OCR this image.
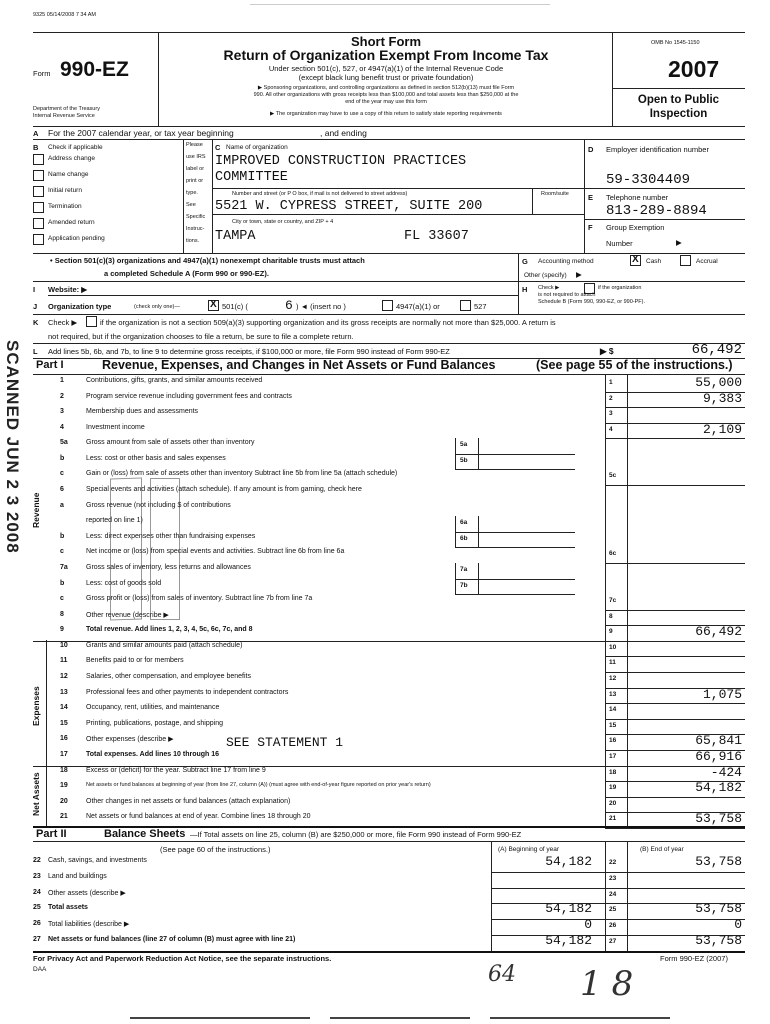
9325 05/14/2008 7 34 AM
Form 990-EZ
Department of the Treasury
Internal Revenue Service
Short Form
Return of Organization Exempt From Income Tax
Under section 501(c), 527, or 4947(a)(1) of the Internal Revenue Code
(except black lung benefit trust or private foundation)
▶ Sponsoring organizations, and controlling organizations as defined in section 512(b)(13) must file Form
990. All other organizations with gross receipts less than $100,000 and total assets less than $250,000 at the
end of the year may use this form
▶ The organization may have to use a copy of this return to satisfy state reporting requirements
OMB No 1545-1150
2007
Open to Public
Inspection
A For the 2007 calendar year, or tax year beginning	, and ending
B Check if applicable
Address change
Name change
Initial return
Termination
Amended return
Application pending
Please
use IRS
label or
print or
type.
See
Specific
Instruc-
tions.
C Name of organization
IMPROVED CONSTRUCTION PRACTICES
COMMITTEE
Number and street (or P O box, if mail is not delivered to street address)	Room/suite
5521 W. CYPRESS STREET, SUITE 200
City or town, state or country, and ZIP + 4
TAMPA	FL 33607
D Employer identification number
59-3304409
E Telephone number
813-289-8894
F Group Exemption
Number	▶
• Section 501(c)(3) organizations and 4947(a)(1) nonexempt charitable trusts must attach
a completed Schedule A (Form 990 or 990-EZ).
G Accounting method	X Cash	Accrual
Other (specify) ▶
I Website: ▶	H Check ▶	if the organization
is not required to attach
Schedule B (Form 990, 990-EZ, or 990-PF).
J Organization type	(check only one)—	X 501(c) (	6 ) ◄ (insert no )	4947(a)(1) or	527
K Check ▶	if the organization is not a section 509(a)(3) supporting organization and its gross receipts are normally not more than $25,000. A return is
not required, but if the organization chooses to file a return, be sure to file a complete return.
L Add lines 5b, 6b, and 7b, to line 9 to determine gross receipts, if $100,000 or more, file Form 990 instead of Form 990-EZ	▶ $	66,492
Part I	Revenue, Expenses, and Changes in Net Assets or Fund Balances	(See page 55 of the instructions.)
1	Contributions, gifts, grants, and similar amounts received	1	55,000
2	Program service revenue including government fees and contracts	2	9,383
3	Membership dues and assessments	3
4	Investment income	4	2,109
5a	Gross amount from sale of assets other than inventory	5a
b	Less: cost or other basis and sales expenses	5b
c	Gain or (loss) from sale of assets other than inventory Subtract line 5b from line 5a (attach schedule)	5c
6	Special events and activities (attach schedule). If any amount is from gaming, check here
a	Gross revenue (not including $ of contributions
reported on line 1)	6a
b	Less: direct expenses other than fundraising expenses	6b
c	Net income or (loss) from special events and activities. Subtract line 6b from line 6a	6c
7a	Gross sales of inventory, less returns and allowances	7a
b	Less: cost of goods sold	7b
c	Gross profit or (loss) from sales of inventory. Subtract line 7b from line 7a	7c
8	Other revenue (describe ▶	8
9	Total revenue. Add lines 1, 2, 3, 4, 5c, 6c, 7c, and 8	9	66,492
10	Grants and similar amounts paid (attach schedule)	10
11	Benefits paid to or for members	11
12	Salaries, other compensation, and employee benefits	12
13	Professional fees and other payments to independent contractors	13	1,075
14	Occupancy, rent, utilities, and maintenance	14
15	Printing, publications, postage, and shipping	15
16	Other expenses (describe ▶	16	65,841
17	Total expenses. Add lines 10 through 16	17	66,916
18	Excess or (deficit) for the year. Subtract line 17 from line 9	18	-424
19	Net assets or fund balances at beginning of year (from line 27, column (A)) (must agree with end-of-year figure reported on prior year's return)	19	54,182
20	Other changes in net assets or fund balances (attach explanation)	20
21	Net assets or fund balances at end of year. Combine lines 18 through 20	21	53,758
SEE STATEMENT 1
Revenue
Expenses
Net Assets
SCANNED JUN 2 3 2008
Part II	Balance Sheets —If Total assets on line 25, column (B) are $250,000 or more, file Form 990 instead of Form 990-EZ
(See page 60 of the instructions.)	(A) Beginning of year	(B) End of year
22 Cash, savings, and investments	54,182	22	53,758
23 Land and buildings	23
24 Other assets (describe ▶	24
25 Total assets	54,182	25	53,758
26 Total liabilities (describe ▶	0	26	0
27 Net assets or fund balances (line 27 of column (B) must agree with line 21)	54,182	27	53,758
For Privacy Act and Paperwork Reduction Act Notice, see the separate instructions.	Form 990-EZ (2007)
DAA	64 18
